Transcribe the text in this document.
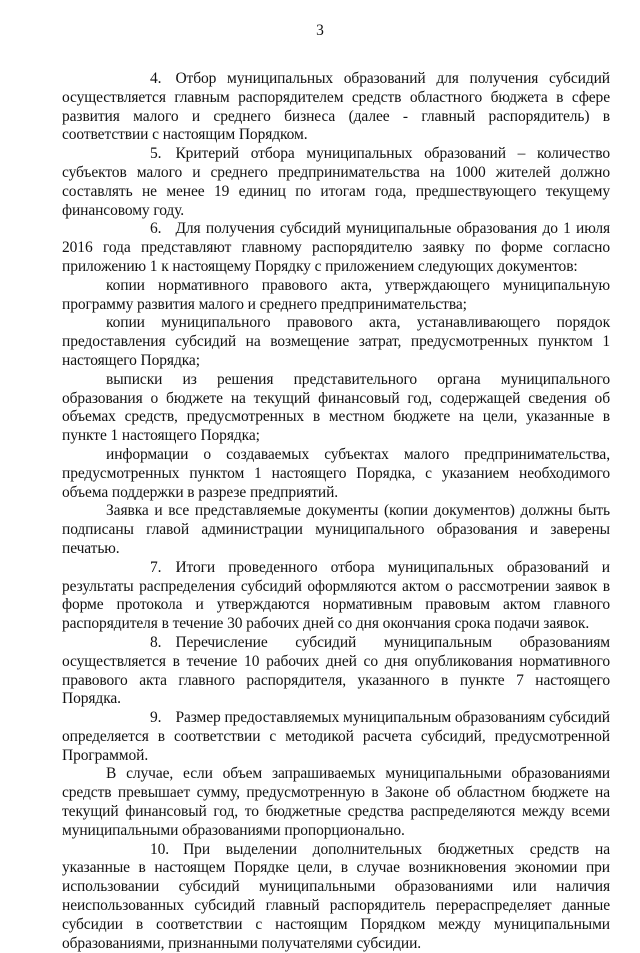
3

4. Отбор муниципальных образований для получения субсидий осуществляется главным распорядителем средств областного бюджета в сфере развития малого и среднего бизнеса (далее - главный распорядитель) в соответствии с настоящим Порядком.

5. Критерий отбора муниципальных образований – количество субъектов малого и среднего предпринимательства на 1000 жителей должно составлять не менее 19 единиц по итогам года, предшествующего текущему финансовому году.

6. Для получения субсидий муниципальные образования до 1 июля 2016 года представляют главному распорядителю заявку по форме согласно приложению 1 к настоящему Порядку с приложением следующих документов:

копии нормативного правового акта, утверждающего муниципальную программу развития малого и среднего предпринимательства;

копии муниципального правового акта, устанавливающего порядок предоставления субсидий на возмещение затрат, предусмотренных пунктом 1 настоящего Порядка;

выписки из решения представительного органа муниципального образования о бюджете на текущий финансовый год, содержащей сведения об объемах средств, предусмотренных в местном бюджете на цели, указанные в пункте 1 настоящего Порядка;

информации о создаваемых субъектах малого предпринимательства, предусмотренных пунктом 1 настоящего Порядка, с указанием необходимого объема поддержки в разрезе предприятий.

Заявка и все представляемые документы (копии документов) должны быть подписаны главой администрации муниципального образования и заверены печатью.

7. Итоги проведенного отбора муниципальных образований и результаты распределения субсидий оформляются актом о рассмотрении заявок в форме протокола и утверждаются нормативным правовым актом главного распорядителя в течение 30 рабочих дней со дня окончания срока подачи заявок.

8. Перечисление субсидий муниципальным образованиям осуществляется в течение 10 рабочих дней со дня опубликования нормативного правового акта главного распорядителя, указанного в пункте 7 настоящего Порядка.

9. Размер предоставляемых муниципальным образованиям субсидий определяется в соответствии с методикой расчета субсидий, предусмотренной Программой.

В случае, если объем запрашиваемых муниципальными образованиями средств превышает сумму, предусмотренную в Законе об областном бюджете на текущий финансовый год, то бюджетные средства распределяются между всеми муниципальными образованиями пропорционально.

10. При выделении дополнительных бюджетных средств на указанные в настоящем Порядке цели, в случае возникновения экономии при использовании субсидий муниципальными образованиями или наличия неиспользованных субсидий главный распорядитель перераспределяет данные субсидии в соответствии с настоящим Порядком между муниципальными образованиями, признанными получателями субсидии.
